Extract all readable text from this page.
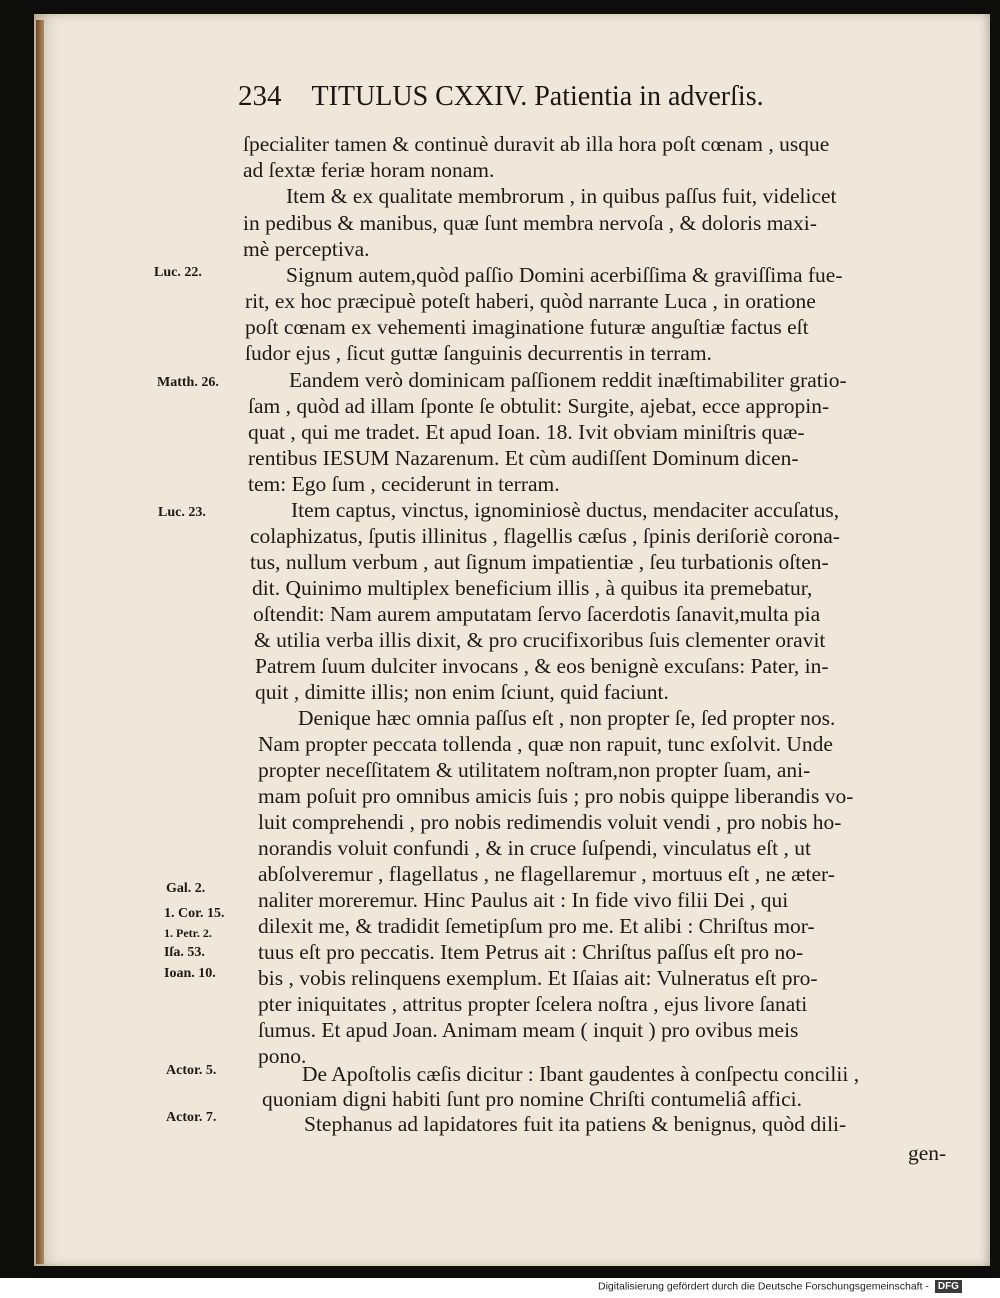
234 TITULUS CXXIV. Patientia in adverſis.
ſpecialiter tamen & continuè duravit ab illa hora poſt cœnam , usque
ad ſextæ feriæ horam nonam.
Item & ex qualitate membrorum , in quibus paſſus fuit, videlicet
in pedibus & manibus, quæ ſunt membra nervoſa , & doloris maxi-
mè perceptiva.
Signum autem,quòd paſſio Domini acerbiſſima & graviſſima fue-
rit, ex hoc præcipuè poteſt haberi, quòd narrante Luca , in oratione
poſt cœnam ex vehementi imaginatione futuræ anguſtiæ factus eſt
ſudor ejus , ſicut guttæ ſanguinis decurrentis in terram.
Eandem verò dominicam paſſionem reddit inæſtimabiliter gratio-
ſam , quòd ad illam ſponte ſe obtulit: Surgite, ajebat, ecce appropin-
quat , qui me tradet. Et apud Ioan. 18. Ivit obviam miniſtris quæ-
rentibus IESUM Nazarenum. Et cùm audiſſent Dominum dicen-
tem: Ego ſum , ceciderunt in terram.
Item captus, vinctus, ignominiosè ductus, mendaciter accuſatus,
colaphizatus, ſputis illinitus , flagellis cæſus , ſpinis deriſoriè corona-
tus, nullum verbum , aut ſignum impatientiæ , ſeu turbationis oſten-
dit. Quinimo multiplex beneficium illis , à quibus ita premebatur,
oſtendit: Nam aurem amputatam ſervo ſacerdotis ſanavit,multa pia
& utilia verba illis dixit, & pro crucifixoribus ſuis clementer oravit
Patrem ſuum dulciter invocans , & eos benignè excuſans: Pater, in-
quit , dimitte illis; non enim ſciunt, quid faciunt.
Denique hæc omnia paſſus eſt , non propter ſe, ſed propter nos.
Nam propter peccata tollenda , quæ non rapuit, tunc exſolvit. Unde
propter neceſſitatem & utilitatem noſtram,non propter ſuam, ani-
mam poſuit pro omnibus amicis ſuis ; pro nobis quippe liberandis vo-
luit comprehendi , pro nobis redimendis voluit vendi , pro nobis ho-
norandis voluit confundi , & in cruce ſuſpendi, vinculatus eſt , ut
abſolveremur , flagellatus , ne flagellaremur , mortuus eſt , ne æter-
naliter moreremur. Hinc Paulus ait : In fide vivo filii Dei , qui
dilexit me, & tradidit ſemetipſum pro me. Et alibi : Chriſtus mor-
tuus eſt pro peccatis. Item Petrus ait : Chriſtus paſſus eſt pro no-
bis , vobis relinquens exemplum. Et Iſaias ait: Vulneratus eſt pro-
pter iniquitates , attritus propter ſcelera noſtra , ejus livore ſanati
ſumus. Et apud Joan. Animam meam ( inquit ) pro ovibus meis
pono.
De Apoſtolis cæſis dicitur : Ibant gaudentes à conſpectu concilii ,
quoniam digni habiti ſunt pro nomine Chriſti contumeliâ affici.
Stephanus ad lapidatores fuit ita patiens & benignus, quòd dili-
gen-
Luc. 22.
Matth. 26.
Luc. 23.
Gal. 2.
1. Cor. 15.
1. Petr. 2.
Iſa. 53.
Ioan. 10.
Actor. 5.
Actor. 7.
Digitalisierung gefördert durch die Deutsche Forschungsgemeinschaft - DFG
